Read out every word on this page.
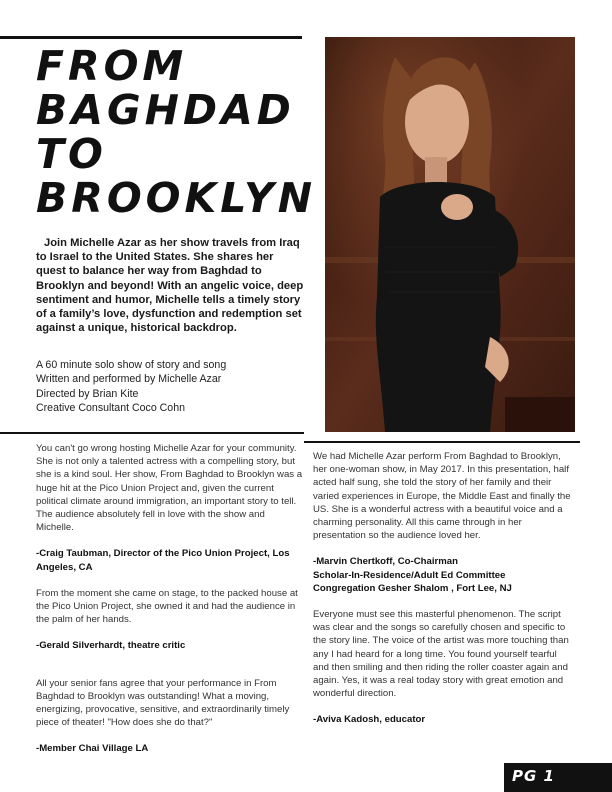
FROM
BAGHDAD
TO
BROOKLYN

Join Michelle Azar as her show travels from Iraq to Israel to the United States. She shares her quest to balance her way from Baghdad to Brooklyn and beyond! With an angelic voice, deep sentiment and humor, Michelle tells a timely story of a family’s love, dysfunction and redemption set against a unique, historical backdrop.

A 60 minute solo show of story and song
Written and performed by Michelle Azar
Directed by Brian Kite
Creative Consultant Coco Cohn

You can't go wrong hosting Michelle Azar for your community. She is not only a talented actress with a compelling story, but she is a kind soul. Her show, From Baghdad to Brooklyn was a huge hit at the Pico Union Project and, given the current political climate around immigration, an important story to tell. The audience absolutely fell in love with the show and Michelle.

-Craig Taubman, Director of the Pico Union Project, Los Angeles, CA

From the moment she came on stage, to the packed house at the Pico Union Project, she owned it and had the audience in the palm of her hands.

-Gerald Silverhardt, theatre critic

All your senior fans agree that your performance in From Baghdad to Brooklyn was outstanding! What a moving, energizing, provocative, sensitive, and extraordinarily timely piece of theater! "How does she do that?"

-Member Chai Village LA

We had Michelle Azar perform From Baghdad to Brooklyn, her one-woman show, in May 2017. In this presentation, half acted half sung, she told the story of her family and their varied experiences in Europe, the Middle East and finally the US. She is a wonderful actress with a beautiful voice and a charming personality. All this came through in her presentation so the audience loved her.

-Marvin Chertkoff, Co-Chairman

Scholar-In-Residence/Adult Ed Committee

Congregation Gesher Shalom , Fort Lee, NJ

Everyone must see this masterful phenomenon. The script was clear and the songs so carefully chosen and specific to the story line. The voice of the artist was more touching than any I had heard for a long time. You found yourself tearful and then smiling and then riding the roller coaster again and again. Yes, it was a real today story with great emotion and wonderful direction.

-Aviva Kadosh, educator

PG 1
